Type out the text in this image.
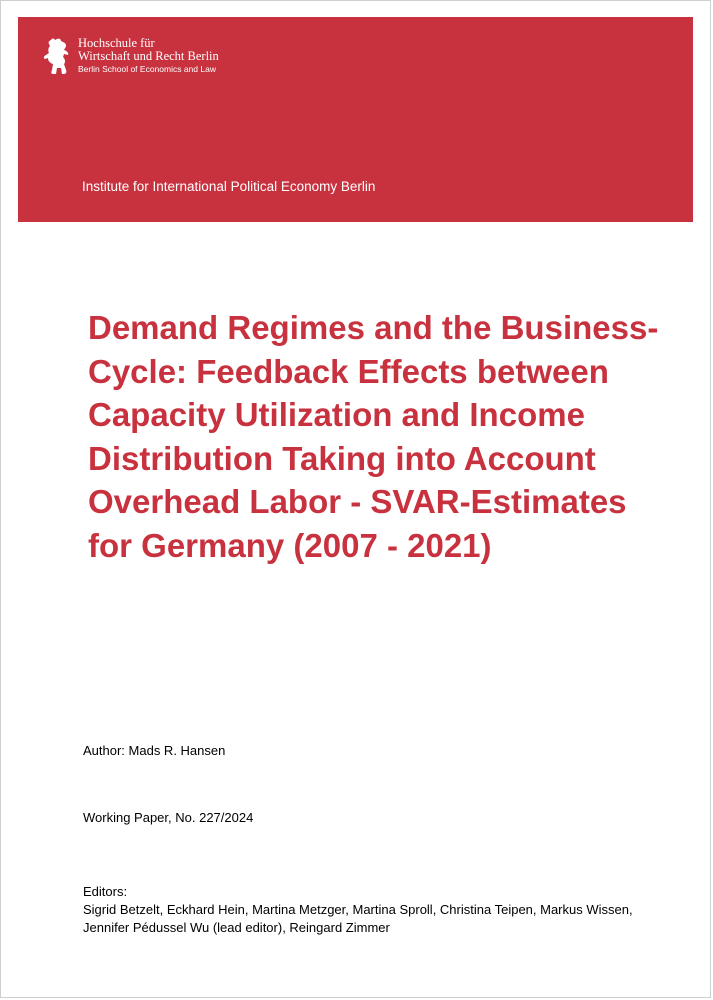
Hochschule für
Wirtschaft und Recht Berlin
Berlin School of Economics and Law
Institute for International Political Economy Berlin
Demand Regimes and the Business-Cycle: Feedback Effects between Capacity Utilization and Income Distribution Taking into Account Overhead Labor - SVAR-Estimates for Germany (2007 - 2021)
Author: Mads R. Hansen
Working Paper, No. 227/2024
Editors:
Sigrid Betzelt, Eckhard Hein, Martina Metzger, Martina Sproll, Christina Teipen, Markus Wissen, Jennifer Pédussel Wu (lead editor), Reingard Zimmer
